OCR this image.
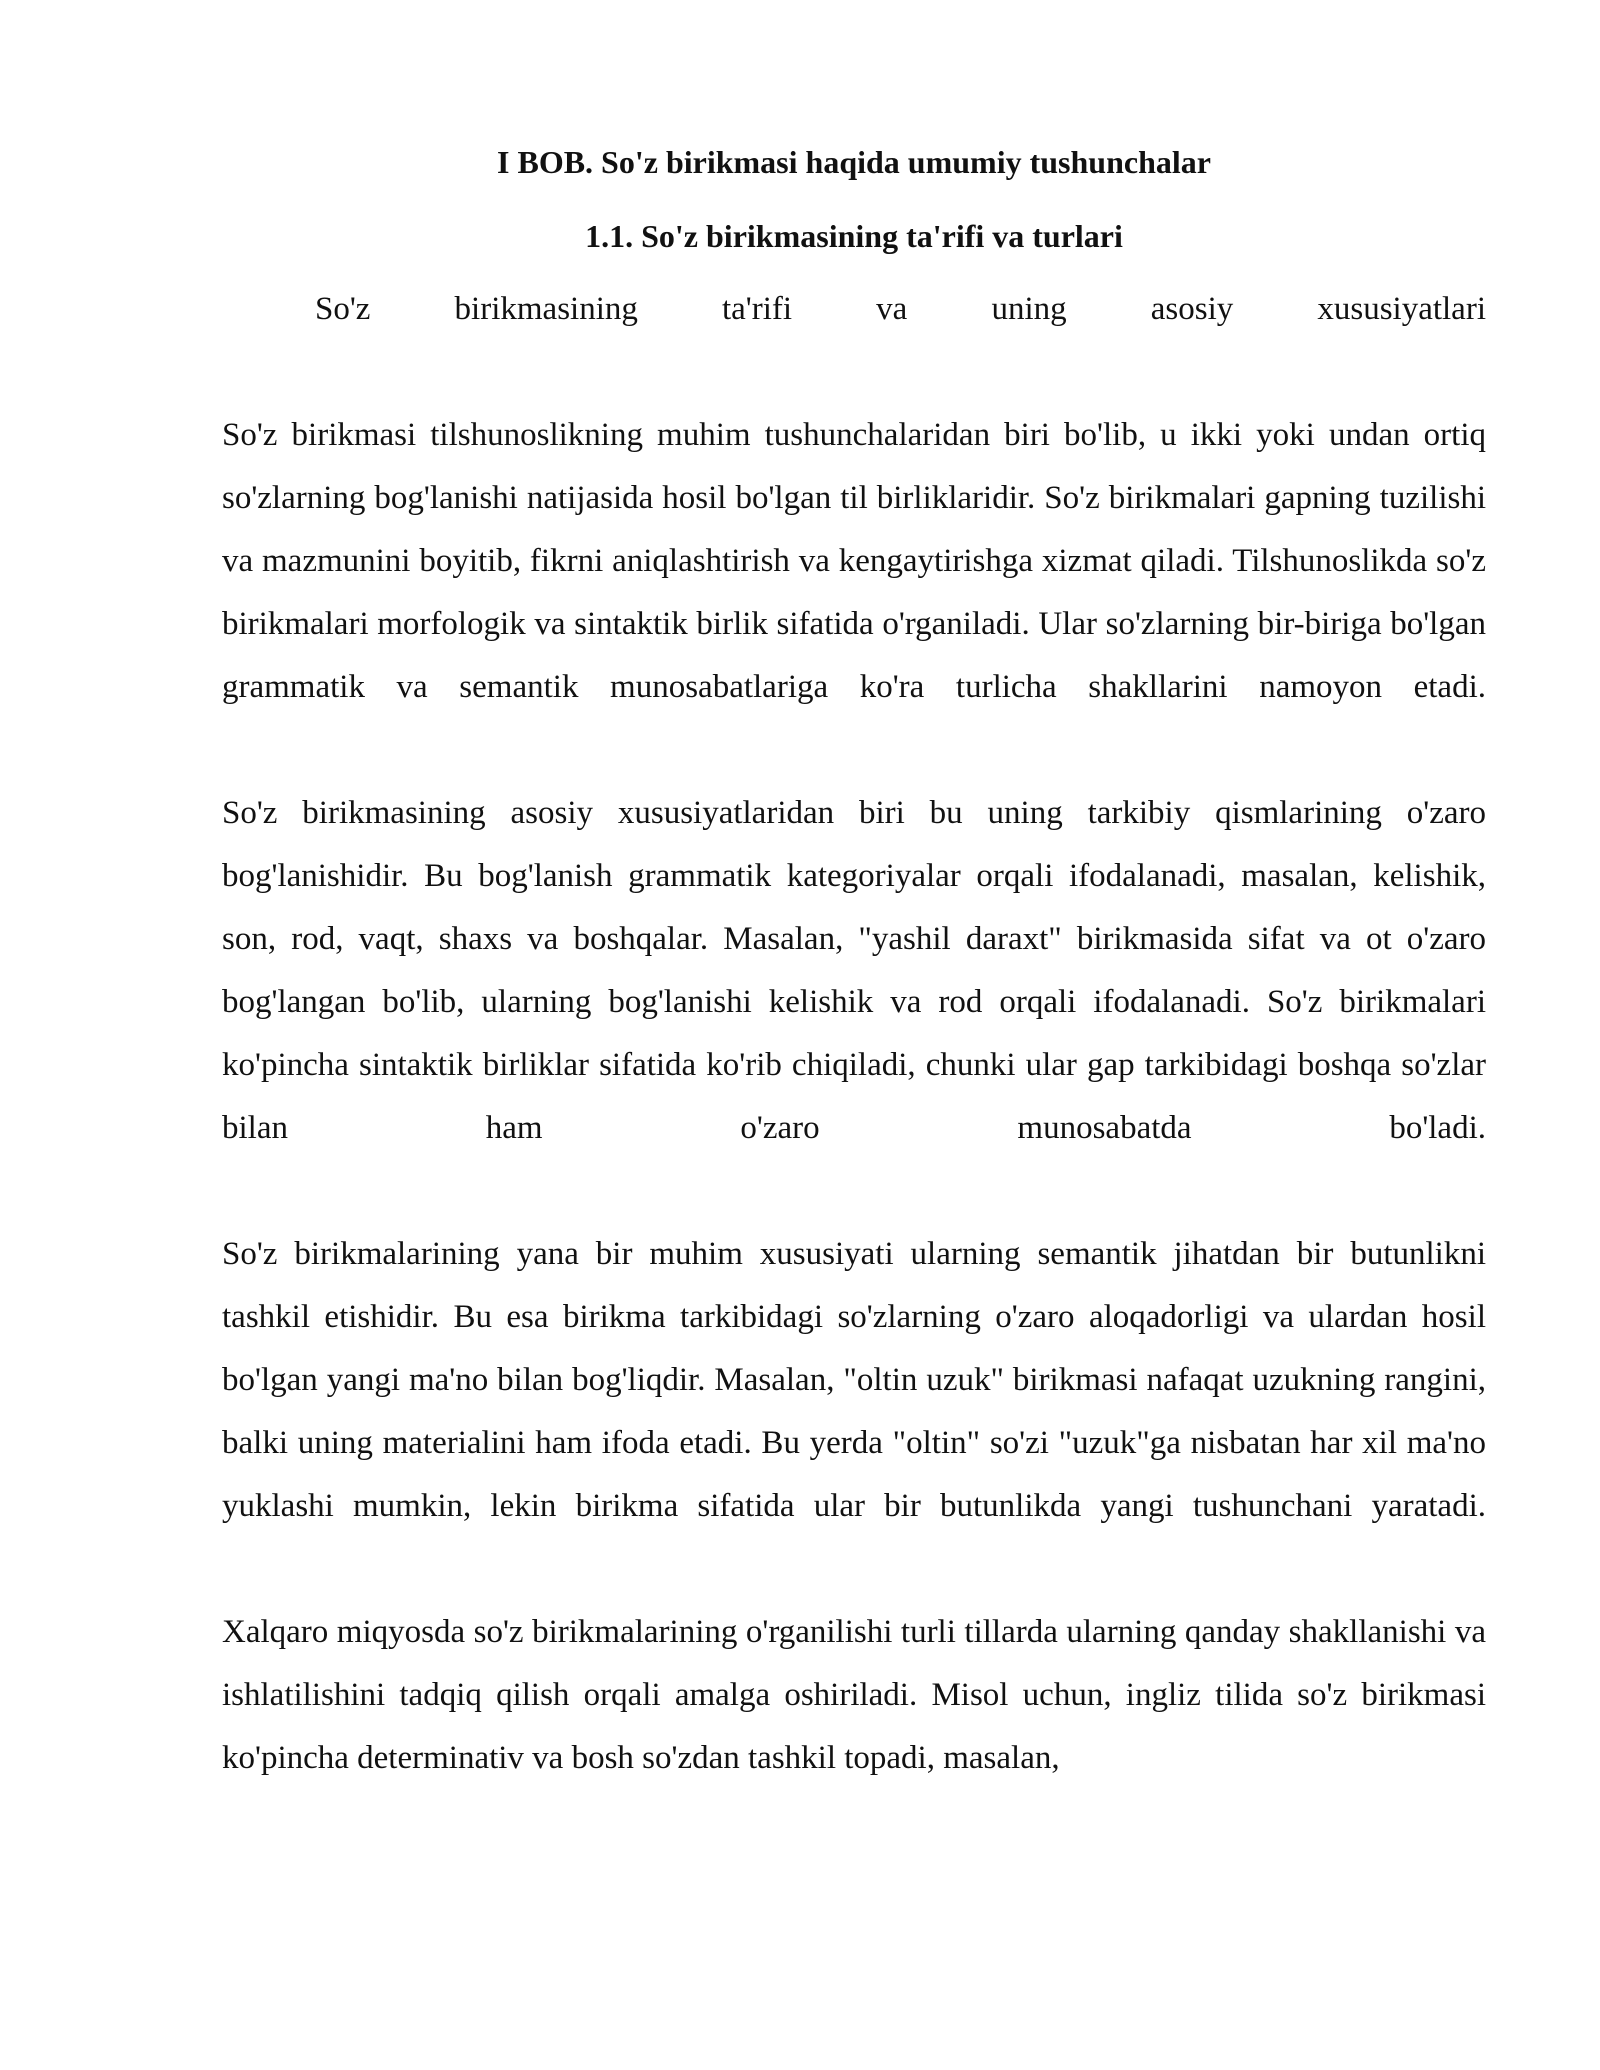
I BOB. So'z birikmasi haqida umumiy tushunchalar
1.1. So'z birikmasining ta'rifi va turlari

So'z birikmasining ta'rifi va uning asosiy xususiyatlari

So'z birikmasi tilshunoslikning muhim tushunchalaridan biri bo'lib, u ikki yoki undan ortiq so'zlarning bog'lanishi natijasida hosil bo'lgan til birliklaridir. So'z birikmalari gapning tuzilishi va mazmunini boyitib, fikrni aniqlashtirish va kengaytirishga xizmat qiladi. Tilshunoslikda so'z birikmalari morfologik va sintaktik birlik sifatida o'rganiladi. Ular so'zlarning bir-biriga bo'lgan grammatik va semantik munosabatlariga ko'ra turlicha shakllarini namoyon etadi.

So'z birikmasining asosiy xususiyatlaridan biri bu uning tarkibiy qismlarining o'zaro bog'lanishidir. Bu bog'lanish grammatik kategoriyalar orqali ifodalanadi, masalan, kelishik, son, rod, vaqt, shaxs va boshqalar. Masalan, "yashil daraxt" birikmasida sifat va ot o'zaro bog'langan bo'lib, ularning bog'lanishi kelishik va rod orqali ifodalanadi. So'z birikmalari ko'pincha sintaktik birliklar sifatida ko'rib chiqiladi, chunki ular gap tarkibidagi boshqa so'zlar bilan ham o'zaro munosabatda bo'ladi.

So'z birikmalarining yana bir muhim xususiyati ularning semantik jihatdan bir butunlikni tashkil etishidir. Bu esa birikma tarkibidagi so'zlarning o'zaro aloqadorligi va ulardan hosil bo'lgan yangi ma'no bilan bog'liqdir. Masalan, "oltin uzuk" birikmasi nafaqat uzukning rangini, balki uning materialini ham ifoda etadi. Bu yerda "oltin" so'zi "uzuk"ga nisbatan har xil ma'no yuklashi mumkin, lekin birikma sifatida ular bir butunlikda yangi tushunchani yaratadi.

Xalqaro miqyosda so'z birikmalarining o'rganilishi turli tillarda ularning qanday shakllanishi va ishlatilishini tadqiq qilish orqali amalga oshiriladi. Misol uchun, ingliz tilida so'z birikmasi ko'pincha determinativ va bosh so'zdan tashkil topadi, masalan,
